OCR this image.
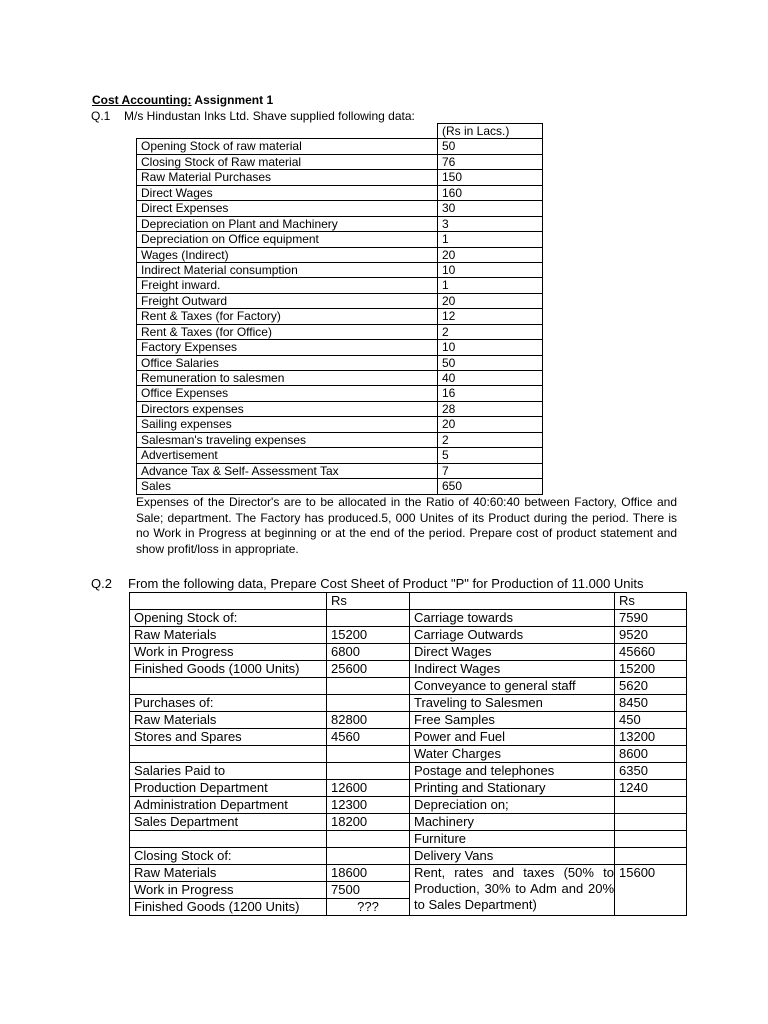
Cost Accounting: Assignment 1
Q.1 M/s Hindustan Inks Ltd. Shave supplied following data:
	(Rs in Lacs.)
Opening Stock of raw material	50
Closing Stock of Raw material	76
Raw Material Purchases	150
Direct Wages	160
Direct Expenses	30
Depreciation on Plant and Machinery	3
Depreciation on Office equipment	1
Wages (Indirect)	20
Indirect Material consumption	10
Freight inward.	1
Freight Outward	20
Rent & Taxes (for Factory)	12
Rent & Taxes (for Office)	2
Factory Expenses	10
Office Salaries	50
Remuneration to salesmen	40
Office Expenses	16
Directors expenses	28
Sailing expenses	20
Salesman's traveling expenses	2
Advertisement	5
Advance Tax & Self- Assessment Tax	7
Sales	650
Expenses of the Director's are to be allocated in the Ratio of 40:60:40 between Factory, Office and Sale; department. The Factory has produced.5, 000 Unites of its Product during the period. There is no Work in Progress at beginning or at the end of the period. Prepare cost of product statement and show profit/loss in appropriate.
Q.2 From the following data, Prepare Cost Sheet of Product "P" for Production of 11.000 Units
	Rs		Rs
Opening Stock of:		Carriage towards	7590
Raw Materials	15200	Carriage Outwards	9520
Work in Progress	6800	Direct Wages	45660
Finished Goods (1000 Units)	25600	Indirect Wages	15200
		Conveyance to general staff	5620
Purchases of:		Traveling to Salesmen	8450
Raw Materials	82800	Free Samples	450
Stores and Spares	4560	Power and Fuel	13200
		Water Charges	8600
Salaries Paid to		Postage and telephones	6350
Production Department	12600	Printing and Stationary	1240
Administration Department	12300	Depreciation on;	
Sales Department	18200	Machinery	
		Furniture	
Closing Stock of:		Delivery Vans	
Raw Materials	18600	Rent, rates and taxes (50% to Production, 30% to Adm and 20% to Sales Department)	15600
Work in Progress	7500		
Finished Goods (1200 Units)	???		
